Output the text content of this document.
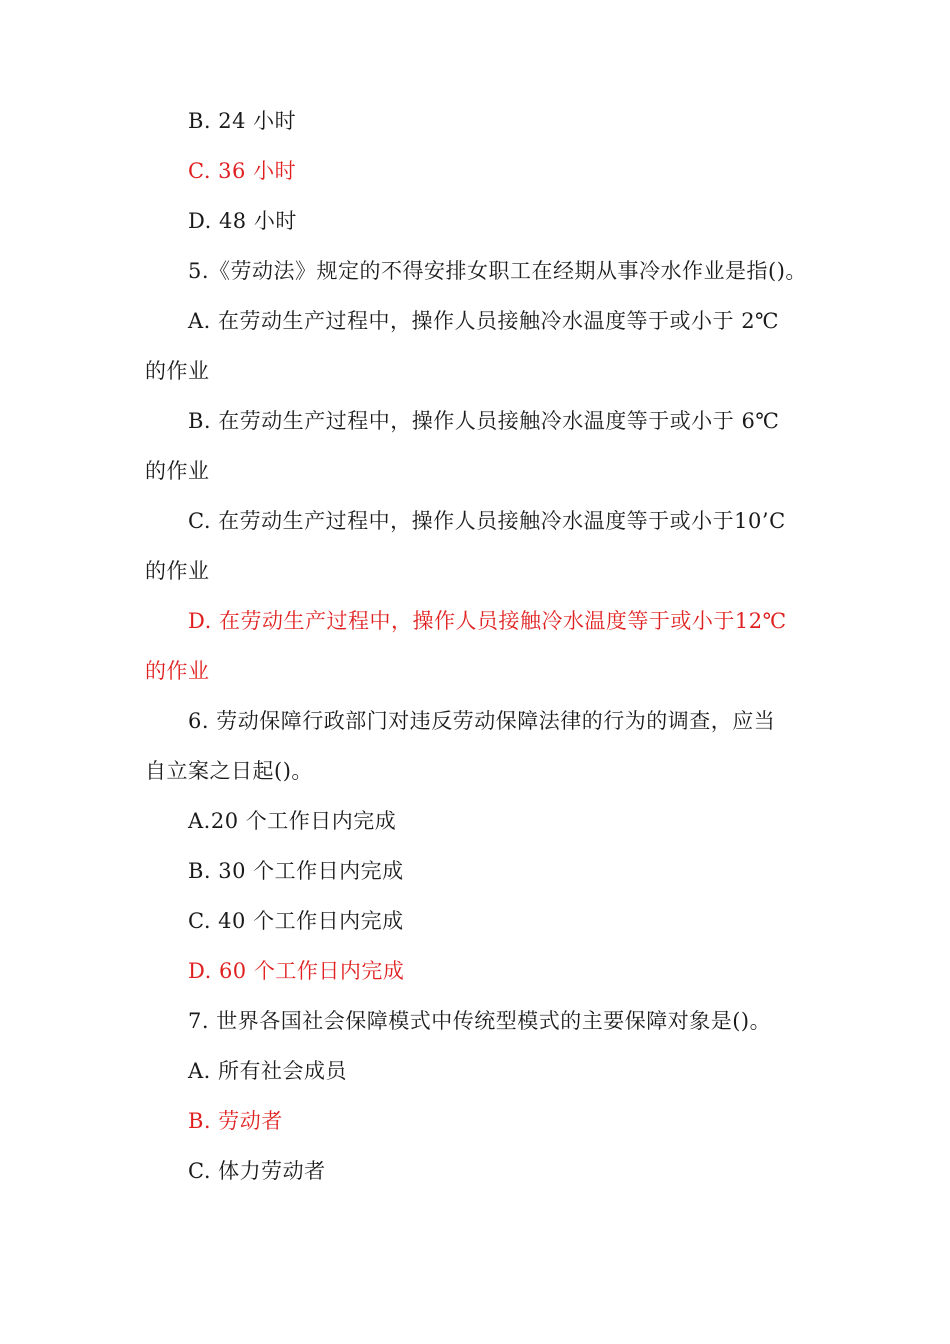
B. 24 小时
C. 36 小时
D. 48 小时
5.《劳动法》规定的不得安排女职工在经期从事冷水作业是指()。
A. 在劳动生产过程中，操作人员接触冷水温度等于或小于 2℃
的作业
B. 在劳动生产过程中，操作人员接触冷水温度等于或小于 6℃
的作业
C. 在劳动生产过程中，操作人员接触冷水温度等于或小于10’C
的作业
D. 在劳动生产过程中，操作人员接触冷水温度等于或小于12℃
的作业
6. 劳动保障行政部门对违反劳动保障法律的行为的调查，应当
自立案之日起()。
A.20 个工作日内完成
B. 30 个工作日内完成
C. 40 个工作日内完成
D. 60 个工作日内完成
7. 世界各国社会保障模式中传统型模式的主要保障对象是()。
A. 所有社会成员
B. 劳动者
C. 体力劳动者
